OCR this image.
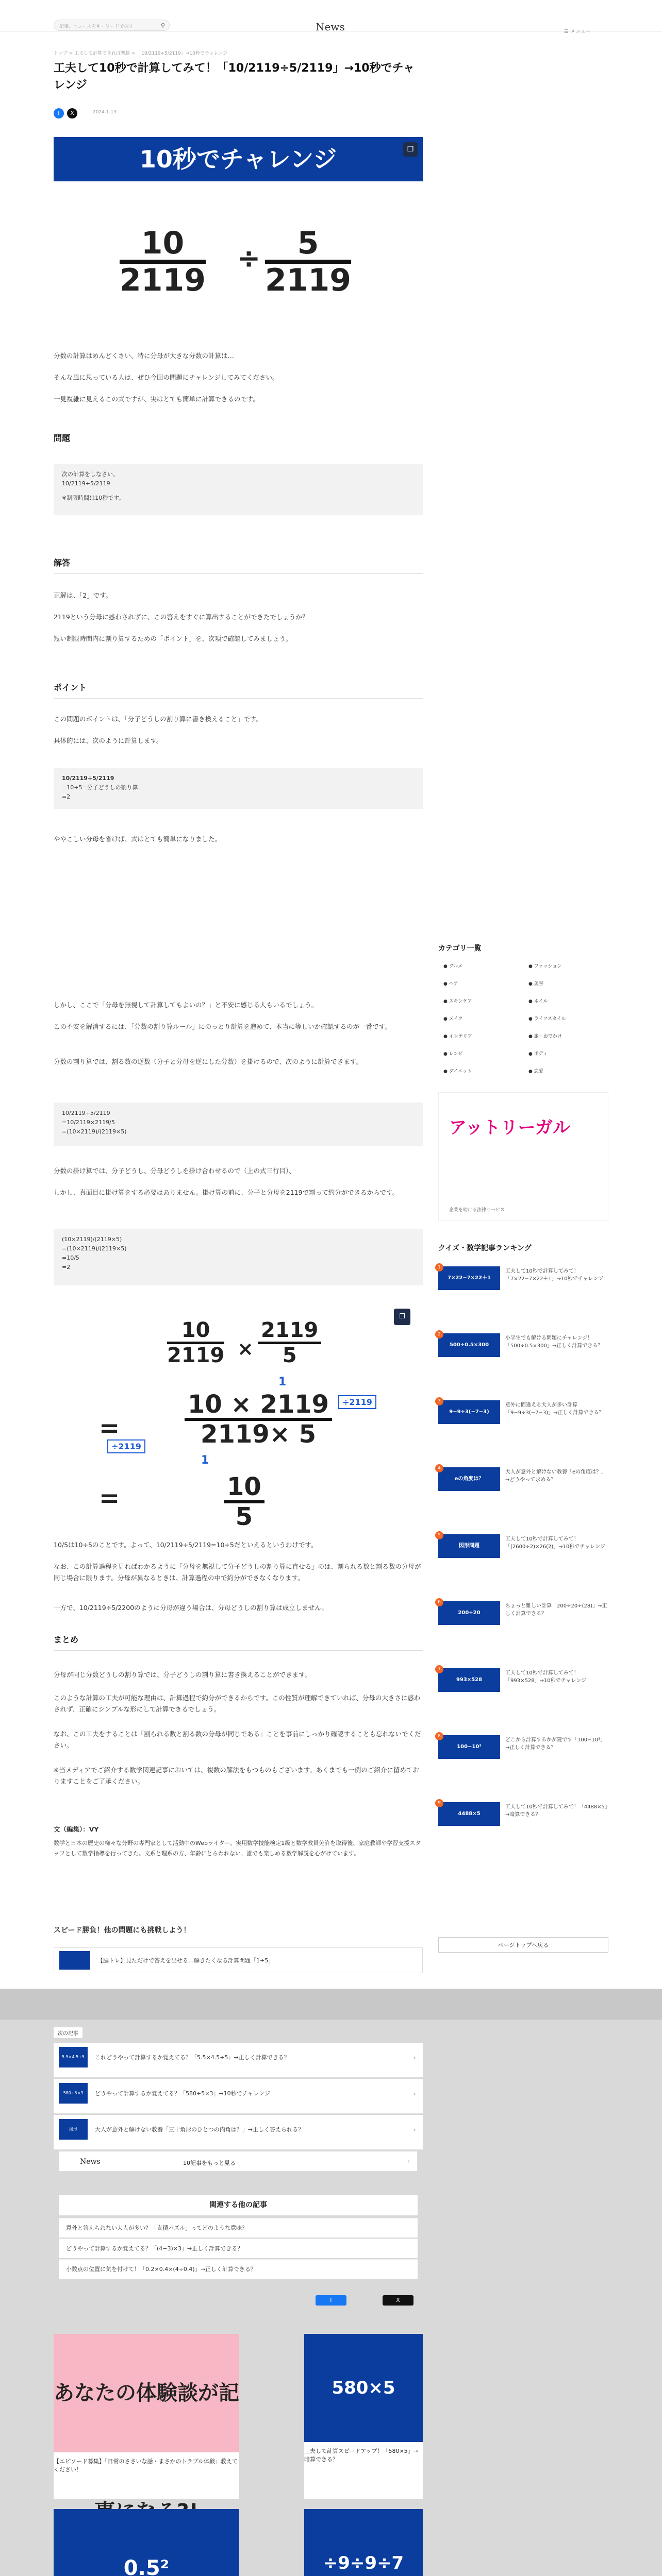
記事、ニュースをキーワードで探す	⚲	News	☰ メニュー
トップ > 工夫して計算できれば楽勝 > 「10/2119÷5/2119」→10秒でチャレンジ
工夫して10秒で計算してみて！「10/2119÷5/2119」→10秒でチャレンジ
f	X	2024.1.13
10秒でチャレンジ	❐
$\frac{10}{2119} \div \frac{5}{2119}$
分数の計算はめんどくさい、特に分母が大きな分数の計算は…
そんな風に思っている人は、ぜひ今回の問題にチャレンジしてみてください。
一見複雑に見えるこの式ですが、実はとても簡単に計算できるのです。
問題
次の計算をしなさい。
10/2119÷5/2119
※制限時間は10秒です。
解答
正解は、「2」です。
2119という分母に惑わされずに、この答えをすぐに算出することができたでしょうか？
短い制限時間内に割り算するための「ポイント」を、次項で確認してみましょう。
ポイント
この問題のポイントは、「分子どうしの割り算に書き換えること」です。
具体的には、次のように計算します。
10/2119÷5/2119
=10÷5=分子どうしの割り算
=2
ややこしい分母を省けば、式はとても簡単になりました。
しかし、ここで「分母を無視して計算してもよいの？」と不安に感じる人もいるでしょう。
この不安を解消するには、「分数の割り算ルール」にのっとり計算を進めて、本当に等しいか確認するのが一番です。
分数の割り算では、割る数の逆数（分子と分母を逆にした分数）を掛けるので、次のように計算できます。
10/2119÷5/2119
=10/2119×2119/5
=(10×2119)/(2119×5)
分数の掛け算では、分子どうし、分母どうしを掛け合わせるので（上の式三行目）、
しかし、真面目に掛け算をする必要はありません。掛け算の前に、分子と分母を2119で割って約分ができるからです。
(10×2119)/(2119×5)
=(10×2119)/(2119×5)
=10/5
=2
❐
$\frac{10}{2119} \times \frac{2119}{5}$
=	$\frac{10 \times 2119}{2119\times 5}$	÷2119
÷2119
1
1
=	$\frac{10}{5}$
10/5は10÷5のことです。よって、10/2119÷5/2119=10÷5だといえるというわけです。
なお、この計算過程を見ればわかるように「分母を無視して分子どうしの割り算に直せる」のは、割られる数と割る数の分母が同じ場合に限ります。分母が異なるときは、計算過程の中で約分ができなくなります。
一方で、10/2119÷5/2200のように分母が違う場合は、分母どうしの割り算は成立しません。
まとめ
分母が同じ分数どうしの割り算では、分子どうしの割り算に書き換えることができます。
このような計算の工夫が可能な理由は、計算過程で約分ができるからです。この性質が理解できていれば、分母の大きさに惑わされず、正確にシンプルな形にして計算できるでしょう。
なお、この工夫をすることは「割られる数と割る数の分母が同じである」ことを事前にしっかり確認することも忘れないでください。
※当メディアでご紹介する数学関連記事においては、複数の解法をもつものもございます。あくまでも一例のご紹介に留めておりますことをご了承ください。
文（編集）：VY
数学と日本の歴史の様々な分野の専門家として活動中のWebライター。実用数学技能検定1級と数学教員免許を取得後、家庭教師や学習支援スタッフとして数学指導を行ってきた。文系と理系の方、年齢にとらわれない、誰でも楽しめる数学解説を心がけています。
スピード勝負！他の問題にも挑戦しよう！
【脳トレ】見ただけで答えを出せる…解きたくなる計算問題「1÷5」
カテゴリ一覧
● グルメ	● ファッション
● ヘア	● 美容
● スキンケア	● ネイル
● メイク	● ライフスタイル
● インテリア	● 旅・おでかけ
● レシピ	● ボディ
● ダイエット	● 恋愛
アットリーガル
企業を助ける法律サービス
クイズ・数学記事ランキング
7×22−7×22＋1
1
工夫して10秒で計算してみて！「7×22−7×22＋1」→10秒でチャレンジ
500÷0.5×300
2
小学生でも解ける問題にチャレンジ！「500÷0.5×300」→正しく計算できる？
9−9÷3(−7−3)
3
意外に間違える大人が多い計算「9−9÷3(−7−3)」→正しく計算できる？
eの角度は？
4
大人が意外と解けない教養「eの角度は？」→どうやって求める？
図形問題
5
工夫して10秒で計算してみて！「(2600÷2)×26(2)」→10秒でチャレンジ
200÷20
6
ちょっと難しい計算「200÷20÷(28)」→正しく計算できる？
993×528
7
工夫して10秒で計算してみて！「993×528」→10秒でチャレンジ
100−10²
8
どこから計算するかが鍵です「100−10²」→正しく計算できる？
4488×5
9
工夫して10秒で計算してみて！「4488×5」→暗算できる？
ページトップへ戻る
次の記事
5.5×4.5÷5	これどうやって計算するか覚えてる？「5.5×4.5÷5」→正しく計算できる？	›
580÷5×3	どうやって計算するか覚えてる？「580÷5×3」→10秒でチャレンジ	›
図形	大人が意外と解けない教養「三十角形のひとつの内角は？」→正しく答えられる？	›
News	10記事をもっと見る	›
関連する他の記事
意外と答えられない大人が多い？「直積パズル」ってどのような意味？
どうやって計算するか覚えてる？「(4−3)×3」→正しく計算できる？
小数点の位置に気を付けて！「0.2×0.4×(4÷0.4)」→正しく計算できる？
f	X
あなたの体験談が記
【エピソード募集】「日常のささいな話・まさかのトラブル体験」教えてください！
580×5
工夫して計算スピードアップ！「580×5」→暗算できる？
0.5²	÷9÷9÷7
